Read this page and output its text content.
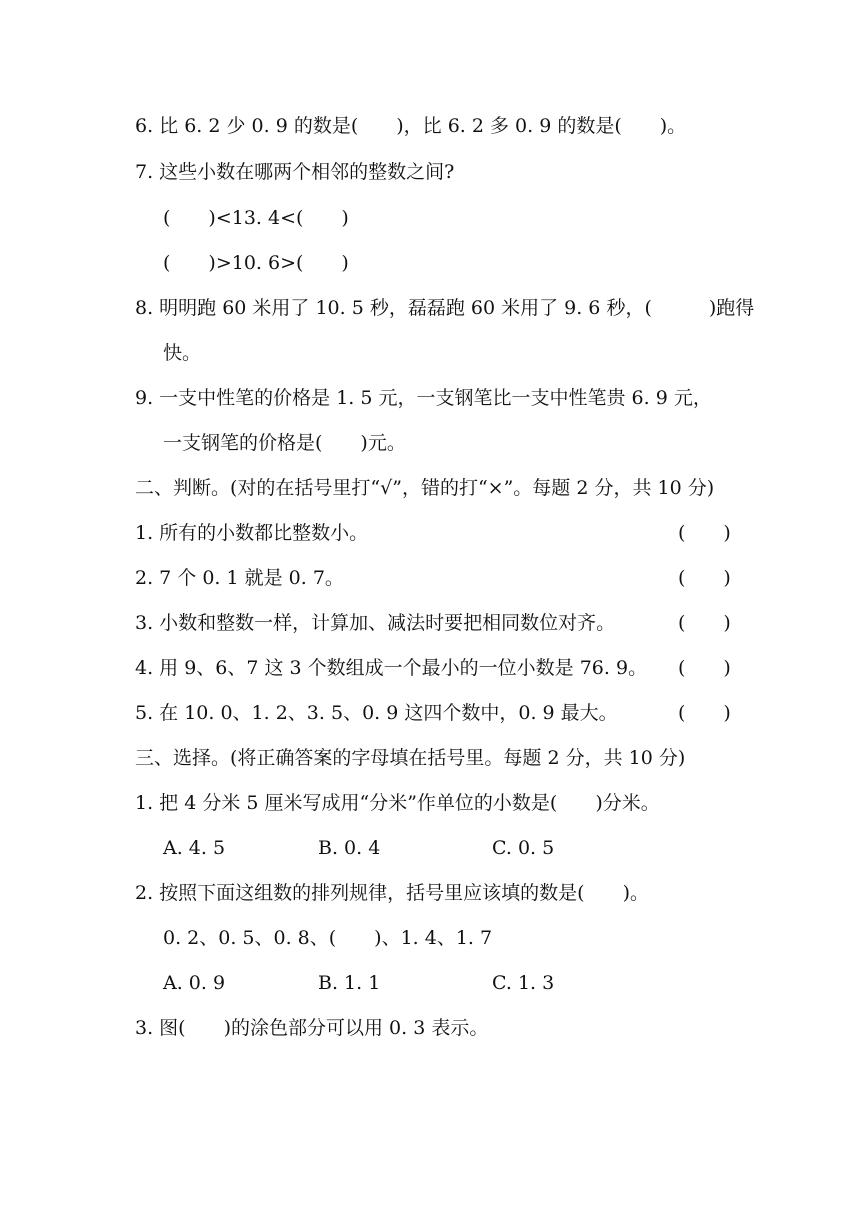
6. 比 6. 2 少 0. 9 的数是(　　)，比 6. 2 多 0. 9 的数是(　　)。
7. 这些小数在哪两个相邻的整数之间?
(　　)<13. 4<(　　)
(　　)>10. 6>(　　)
8. 明明跑 60 米用了 10. 5 秒，磊磊跑 60 米用了 9. 6 秒，(　　　)跑得
快。
9. 一支中性笔的价格是 1. 5 元，一支钢笔比一支中性笔贵 6. 9 元，
一支钢笔的价格是(　　)元。
二、判断。(对的在括号里打“√”，错的打“×”。每题 2 分，共 10 分)
1. 所有的小数都比整数小。	(　　)
2. 7 个 0. 1 就是 0. 7。	(　　)
3. 小数和整数一样，计算加、减法时要把相同数位对齐。	(　　)
4. 用 9、6、7 这 3 个数组成一个最小的一位小数是 76. 9。 (　　)
5. 在 10. 0、1. 2、3. 5、0. 9 这四个数中，0. 9 最大。	(　　)
三、选择。(将正确答案的字母填在括号里。每题 2 分，共 10 分)
1. 把 4 分米 5 厘米写成用“分米”作单位的小数是(　　)分米。
A. 4. 5	B. 0. 4	C. 0. 5
2. 按照下面这组数的排列规律，括号里应该填的数是(　　)。
0. 2、0. 5、0. 8、(　　)、1. 4、1. 7
A. 0. 9	B. 1. 1	C. 1. 3
3. 图(　　)的涂色部分可以用 0. 3 表示。
